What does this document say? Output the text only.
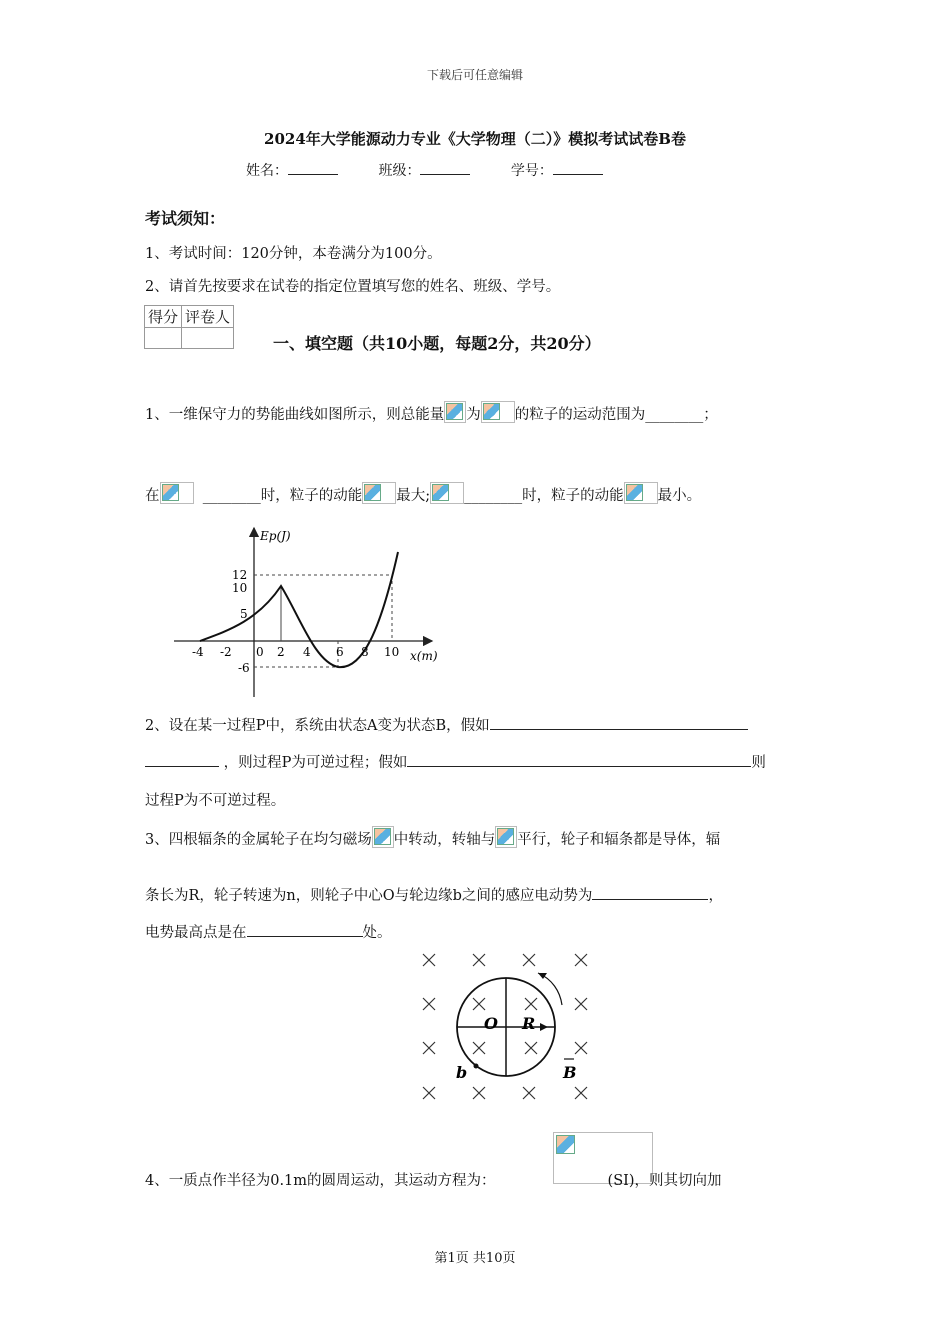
下载后可任意编辑
2024年大学能源动力专业《大学物理（二）》模拟考试试卷B卷
姓名：	班级：	学号：
考试须知：
1、考试时间：120分钟，本卷满分为100分。
2、请首先按要求在试卷的指定位置填写您的姓名、班级、学号。
得分	评卷人

一、填空题（共10小题，每题2分，共20分）
1、一维保守力的势能曲线如图所示，则总能量 为 的粒子的运动范围为________；
在	________时，粒子的动能 最大; ________时，粒子的动能 最小。
Ep(J)
x(m)
12
10
5
-6
-4 -2 0 2 4 6 8 10
2、设在某一过程P中，系统由状态A变为状态B，假如
，则过程P为可逆过程；假如	则
过程P为不可逆过程。
3、四根辐条的金属轮子在均匀磁场 中转动，转轴与 平行，轮子和辐条都是导体，辐
条长为R，轮子转速为n，则轮子中心O与轮边缘b之间的感应电动势为	，
电势最高点是在	处。
O R
b	B
4、一质点作半径为0.1m的圆周运动，其运动方程为：	(SI)，则其切向加
第1页 共10页
